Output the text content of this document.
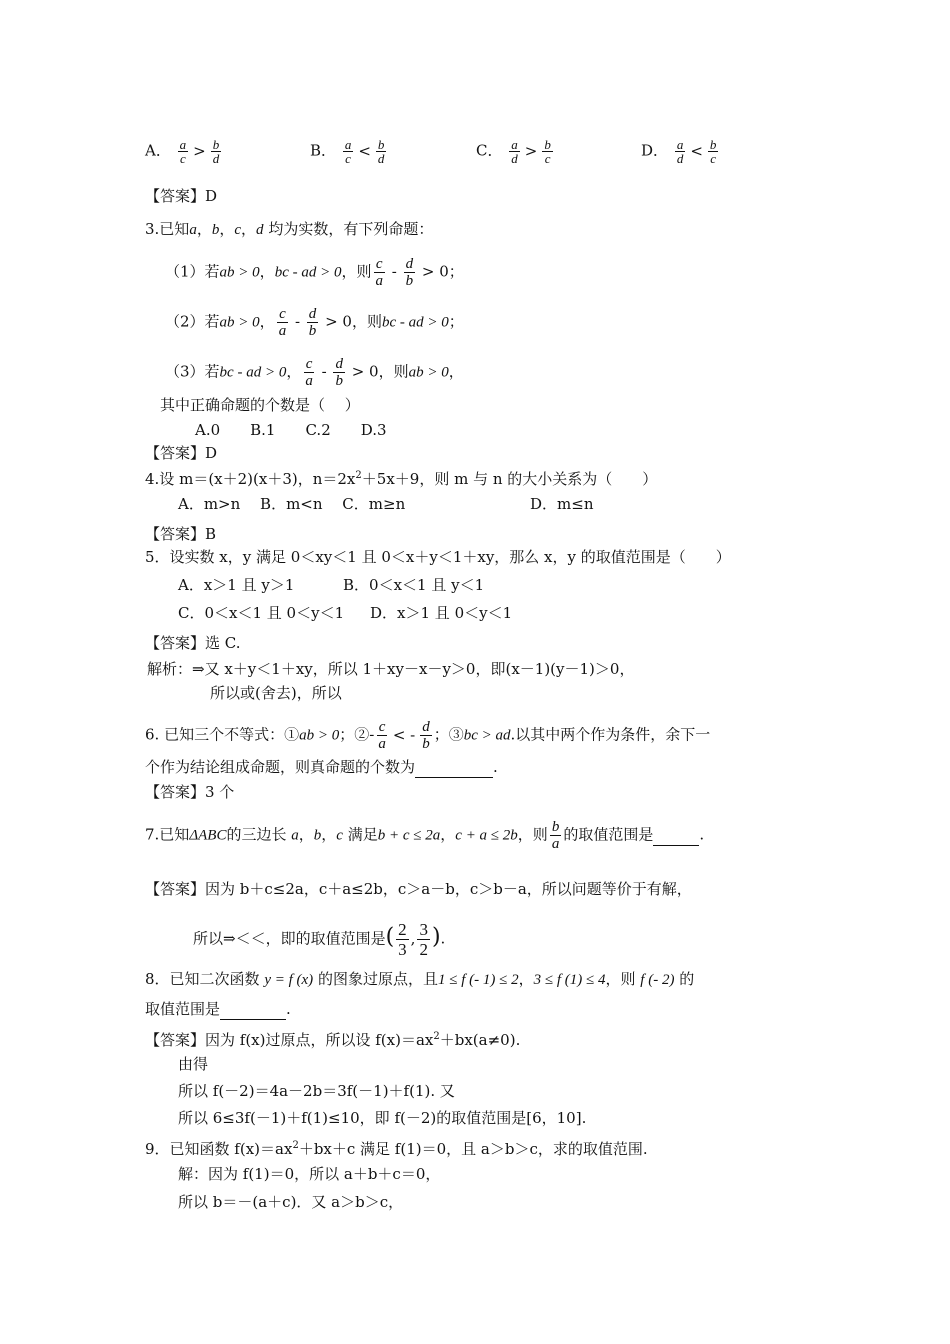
A． $\frac{a}{c} > \frac{b}{d}$	B． $\frac{a}{c} < \frac{b}{d}$	C． $\frac{a}{d} > \frac{b}{c}$	D． $\frac{a}{d} < \frac{b}{c}$
【答案】D
3.已知a，b，c，d 均为实数，有下列命题：
（1）若ab > 0，bc - ad > 0，则 $\frac{c}{a} - \frac{d}{b} > 0$；
（2）若ab > 0， $\frac{c}{a} - \frac{d}{b} > 0$，则bc - ad > 0；
（3）若bc - ad > 0， $\frac{c}{a} - \frac{d}{b} > 0$，则ab > 0，
其中正确命题的个数是（　 ）
A.0　　B.1　　C.2　　D.3
【答案】D
4.设 m＝(x＋2)(x＋3)，$n=2x^2+5x+9$，则 m 与 n 的大小关系为（　　）
A．m>n　 B．m<n　 C．m≥n	D．m≤n
【答案】B
5．设实数 x，y 满足 0＜xy＜1 且 0＜x＋y＜1＋xy，那么 x，y 的取值范围是（　　）
A．x＞1 且 y＞1	B．0＜x＜1 且 y＜1
C．0＜x＜1 且 0＜y＜1 D．x＞1 且 0＜y＜1
【答案】选 C.
解析：⇒又 x＋y＜1＋xy，所以 1＋xy－x－y＞0，即(x－1)(y－1)＞0，
所以或(舍去)，所以
6. 已知三个不等式：①ab > 0；②- $\frac{c}{a}$ < - $\frac{d}{b}$ ；③bc > ad.以其中两个作为条件，余下一
个作为结论组成命题，则真命题的个数为	.
【答案】3 个
7.已知ΔABC的三边长 a，b，c 满足b + c ≤ 2a，c + a ≤ 2b，则 $\frac{b}{a}$ 的取值范围是	.
【答案】因为 b＋c≤2a，c＋a≤2b，c＞a－b，c＞b－a，所以问题等价于有解，
所以⇒＜＜，即的取值范围是( $\frac{2}{3}$ , $\frac{3}{2}$ ).
8．已知二次函数 y = f (x) 的图象过原点，且1 ≤ f (- 1) ≤ 2，3 ≤ f (1) ≤ 4，则 f (- 2) 的
取值范围是	.
【答案】因为 f(x)过原点，所以设 $f(x)=ax^2+bx(a\ne 0)$.
由得
所以 f(－2)＝4a－2b＝3f(－1)＋f(1). 又
所以 6≤3f(－1)＋f(1)≤10，即 f(－2)的取值范围是[6，10].
9．已知函数 $f(x)=ax^2+bx+c$ 满足 f(1)＝0，且 a＞b＞c，求的取值范围.
解：因为 f(1)＝0，所以 a＋b＋c＝0，
所以 b＝－(a＋c)．又 a＞b＞c，
